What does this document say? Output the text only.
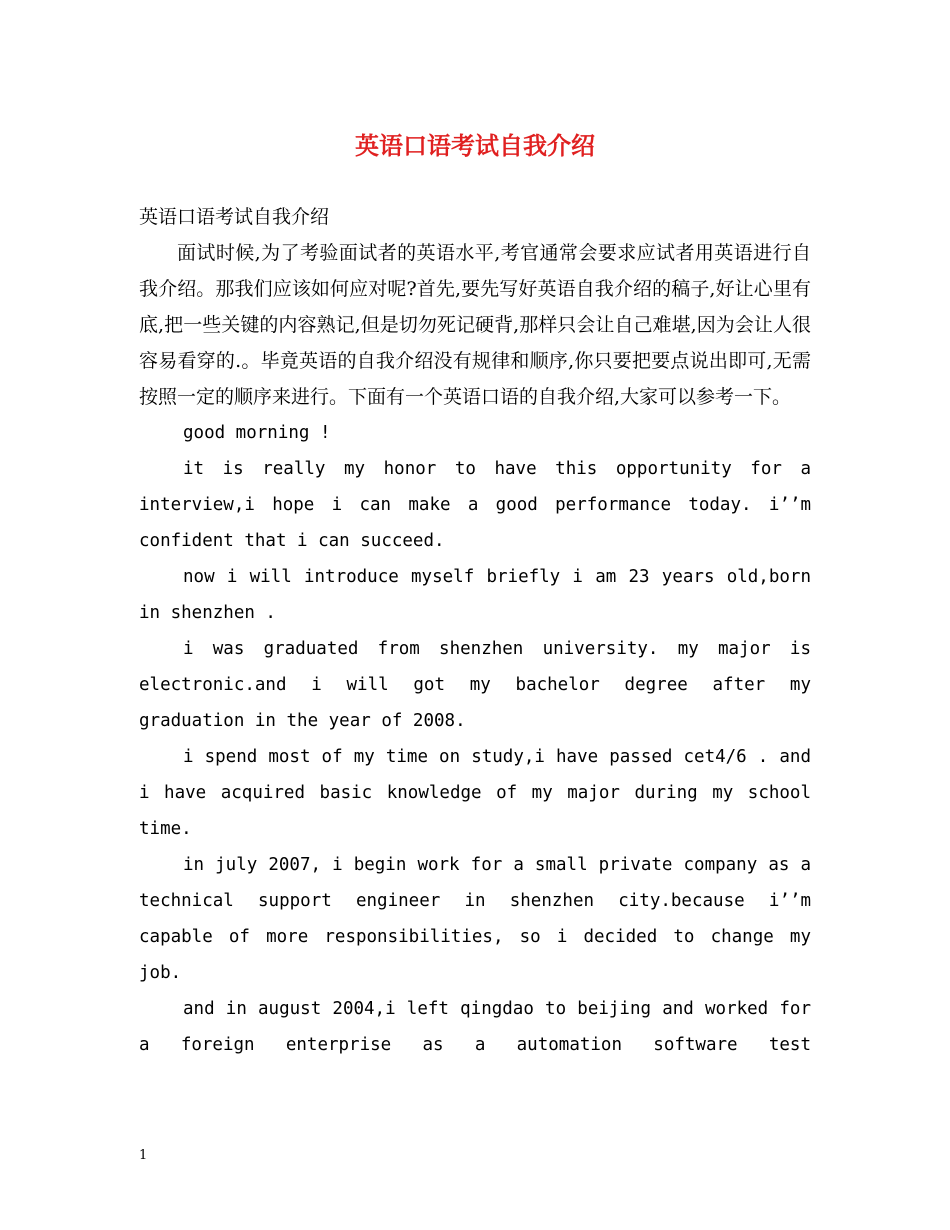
英语口语考试自我介绍

英语口语考试自我介绍

面试时候,为了考验面试者的英语水平,考官通常会要求应试者用英语进行自我介绍。那我们应该如何应对呢?首先,要先写好英语自我介绍的稿子,好让心里有底,把一些关键的内容熟记,但是切勿死记硬背,那样只会让自己难堪,因为会让人很容易看穿的.。毕竟英语的自我介绍没有规律和顺序,你只要把要点说出即可,无需按照一定的顺序来进行。下面有一个英语口语的自我介绍,大家可以参考一下。

good morning !

it is really my honor to have this opportunity for a interview,i hope i can make a good performance today. i’’m confident that i can succeed.

now i will introduce myself briefly i am 23 years old,born in shenzhen .

i was graduated from shenzhen university. my major is electronic.and i will got my bachelor degree after my graduation in the year of 2008.

i spend most of my time on study,i have passed cet4/6 . and i have acquired basic knowledge of my major during my school time.

in july 2007, i begin work for a small private company as a technical support engineer in shenzhen city.because i’’m capable of more responsibilities, so i decided to change my job.

and in august 2004,i left qingdao to beijing and worked for a foreign enterprise as a automation software test

1
